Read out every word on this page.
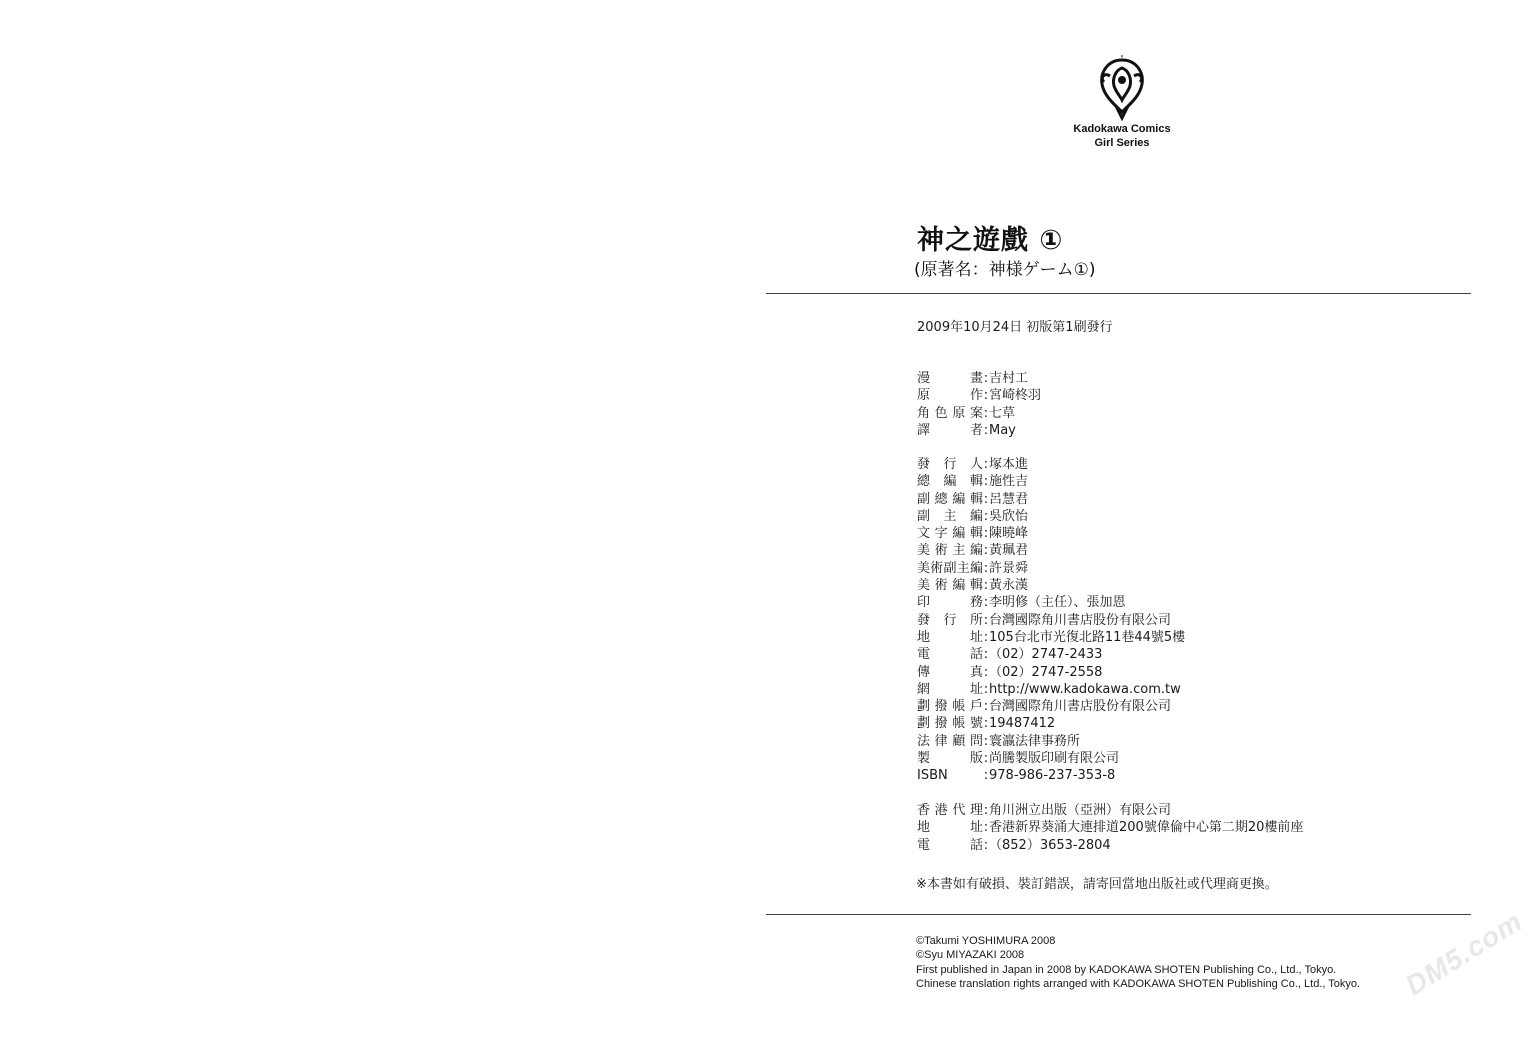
Kadokawa Comics
Girl Series
神之遊戲 ①
(原著名：神様ゲーム①)
2009年10月24日 初版第1刷發行
漫畫:吉村工
原作:宮崎柊羽
角色原案:七草
譯者:May
發行人:塚本進
總編輯:施性吉
副總編輯:呂慧君
副主編:吳欣怡
文字編輯:陳曉峰
美術主編:黃珮君
美術副主編:許景舜
美術編輯:黃永漢
印務:李明修（主任）、張加恩
發行所:台灣國際角川書店股份有限公司
地址:105台北市光復北路11巷44號5樓
電話:（02）2747-2433
傳真:（02）2747-2558
網址:http://www.kadokawa.com.tw
劃撥帳戶:台灣國際角川書店股份有限公司
劃撥帳號:19487412
法律顧問:寰瀛法律事務所
製版:尚騰製版印刷有限公司
ISBN	:978-986-237-353-8
香港代理:角川洲立出版（亞洲）有限公司
地址:香港新界葵涌大連排道200號偉倫中心第二期20樓前座
電話:（852）3653-2804
※本書如有破損、裝訂錯誤，請寄回當地出版社或代理商更換。
©Takumi YOSHIMURA 2008
©Syu MIYAZAKI 2008
First published in Japan in 2008 by KADOKAWA SHOTEN Publishing Co., Ltd., Tokyo.
Chinese translation rights arranged with KADOKAWA SHOTEN Publishing Co., Ltd., Tokyo. DM5.com
